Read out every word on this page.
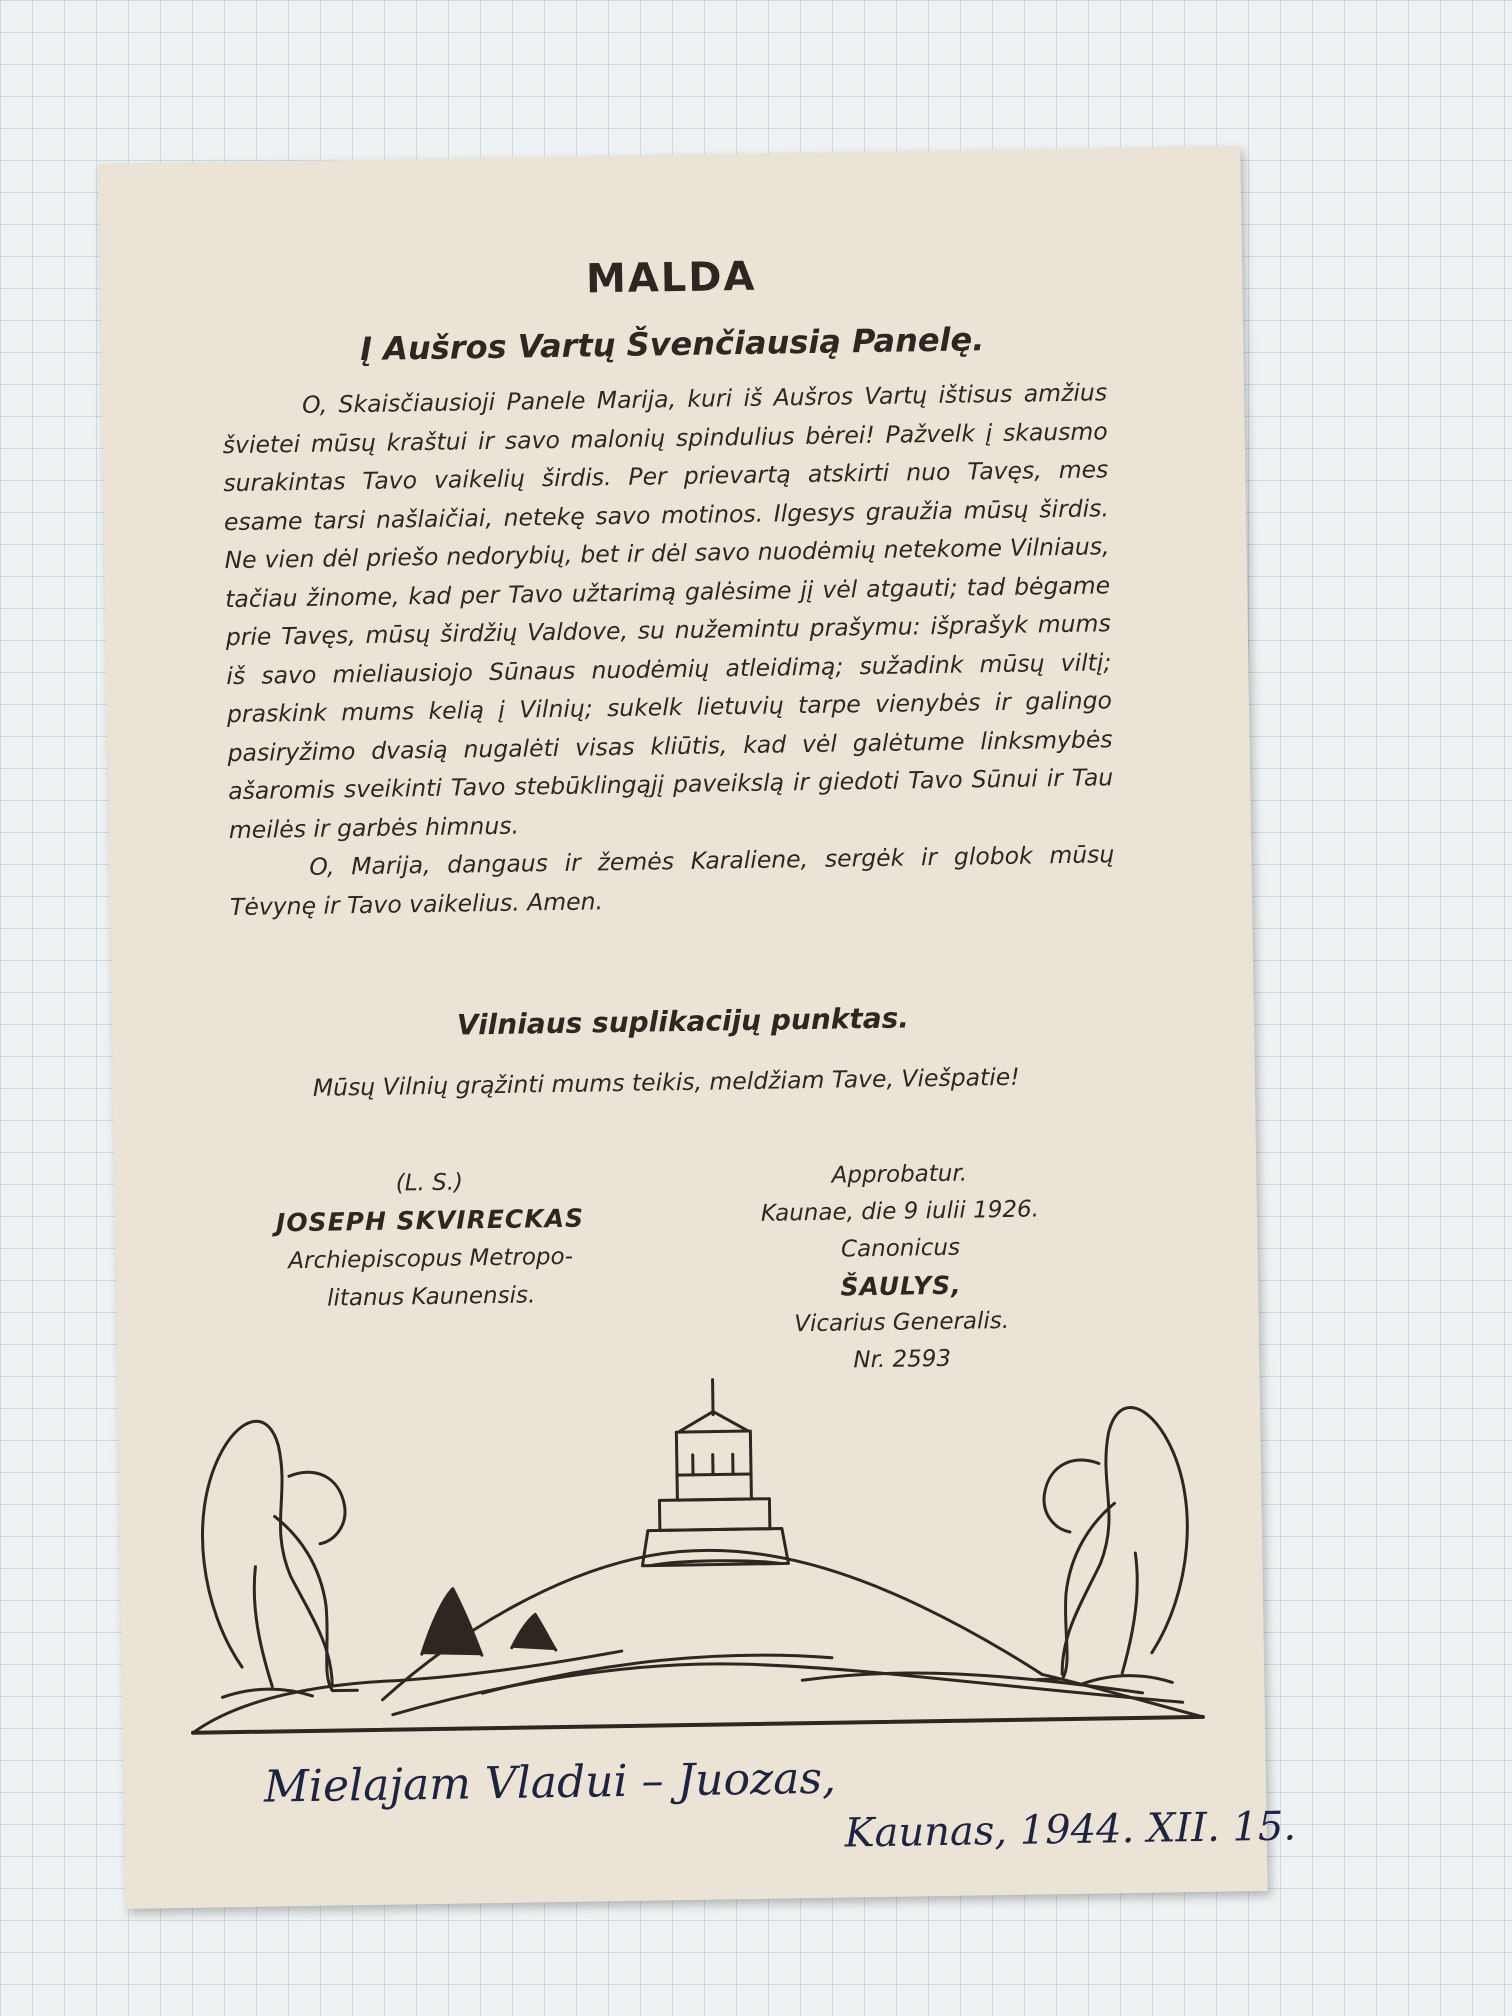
MALDA
Į Aušros Vartų Švenčiausią Panelę.

O, Skaisčiausioji Panele Marija, kuri iš Aušros Vartų ištisus amžius švietei mūsų kraštui ir savo malonių spindulius bėrei! Pažvelk į skausmo surakintas Tavo vaikelių širdis. Per prievartą atskirti nuo Tavęs, mes esame tarsi našlaičiai, netekę savo motinos. Ilgesys graužia mūsų širdis. Ne vien dėl priešo nedorybių, bet ir dėl savo nuodėmių netekome Vilniaus, tačiau žinome, kad per Tavo užtarimą galėsime jį vėl atgauti; tad bėgame prie Tavęs, mūsų širdžių Valdove, su nužemintu prašymu: išprašyk mums iš savo mieliausiojo Sūnaus nuodėmių atleidimą; sužadink mūsų viltį; praskink mums kelią į Vilnių; sukelk lietuvių tarpe vienybės ir galingo pasiryžimo dvasią nugalėti visas kliūtis, kad vėl galėtume linksmybės ašaromis sveikinti Tavo stebūklingąjį paveikslą ir giedoti Tavo Sūnui ir Tau meilės ir garbės himnus.

O, Marija, dangaus ir žemės Karaliene, sergėk ir globok mūsų Tėvynę ir Tavo vaikelius. Amen.

Vilniaus suplikacijų punktas.

Mūsų Vilnių grąžinti mums teikis, meldžiam Tave, Viešpatie!

(L. S.)
JOSEPH SKVIRECKAS
Archiepiscopus Metropo-
litanus Kaunensis.
Approbatur.
Kaunae, die 9 iulii 1926.
Canonicus
ŠAULYS,
Vicarius Generalis.
Nr. 2593
Mielajam Vladui – Juozas,
Kaunas, 1944. XII. 15.
